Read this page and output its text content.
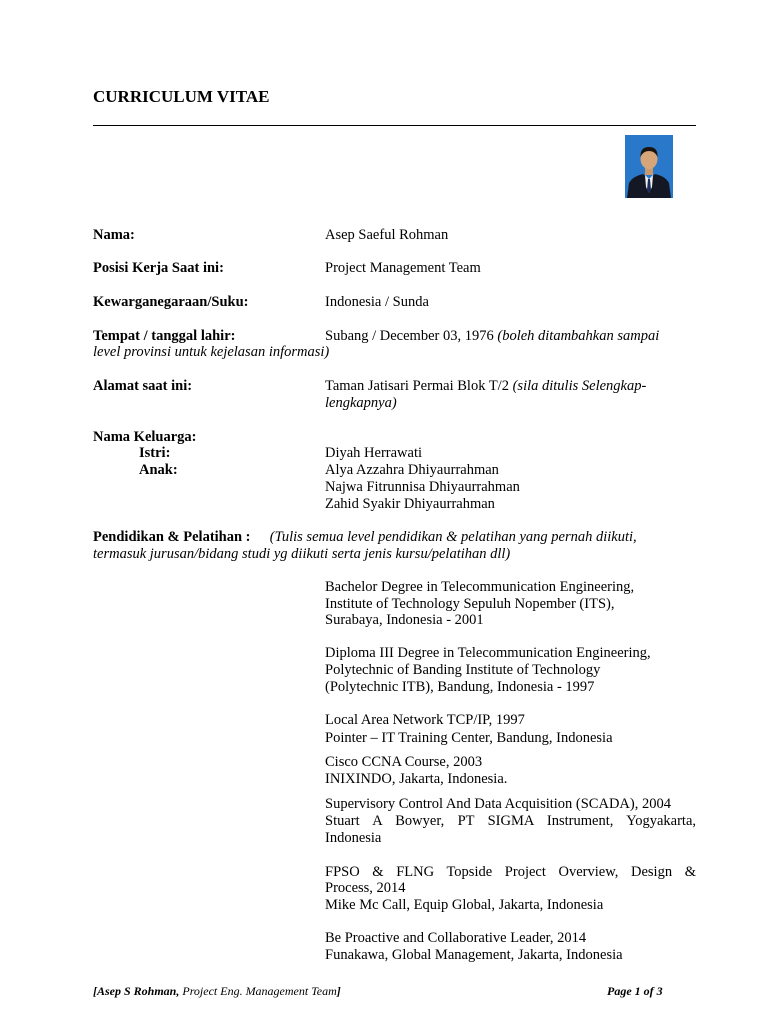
CURRICULUM VITAE
Nama:	Asep Saeful Rohman
Posisi Kerja Saat ini:	Project Management Team
Kewarganegaraan/Suku:	Indonesia / Sunda
Tempat / tanggal lahir:	Subang / December 03, 1976 (boleh ditambahkan sampai
level provinsi untuk kejelasan informasi)
Alamat saat ini:	Taman Jatisari Permai Blok T/2 (sila ditulis Selengkap-
lengkapnya)
Nama Keluarga:
Istri:	Diyah Herrawati
Anak:	Alya Azzahra Dhiyaurrahman
Najwa Fitrunnisa Dhiyaurrahman
Zahid Syakir Dhiyaurrahman
Pendidikan & Pelatihan : (Tulis semua level pendidikan & pelatihan yang pernah diikuti,
termasuk jurusan/bidang studi yg diikuti serta jenis kursu/pelatihan dll)
Bachelor Degree in Telecommunication Engineering,
Institute of Technology Sepuluh Nopember (ITS),
Surabaya, Indonesia - 2001
Diploma III Degree in Telecommunication Engineering,
Polytechnic of Banding Institute of Technology
(Polytechnic ITB), Bandung, Indonesia - 1997
Local Area Network TCP/IP, 1997
Pointer – IT Training Center, Bandung, Indonesia
Cisco CCNA Course, 2003
INIXINDO, Jakarta, Indonesia.
Supervisory Control And Data Acquisition (SCADA), 2004
Stuart A Bowyer, PT SIGMA Instrument, Yogyakarta,
Indonesia
FPSO & FLNG Topside Project Overview, Design &
Process, 2014
Mike Mc Call, Equip Global, Jakarta, Indonesia
Be Proactive and Collaborative Leader, 2014
Funakawa, Global Management, Jakarta, Indonesia
[Asep S Rohman, Project Eng. Management Team]	Page 1 of 3
